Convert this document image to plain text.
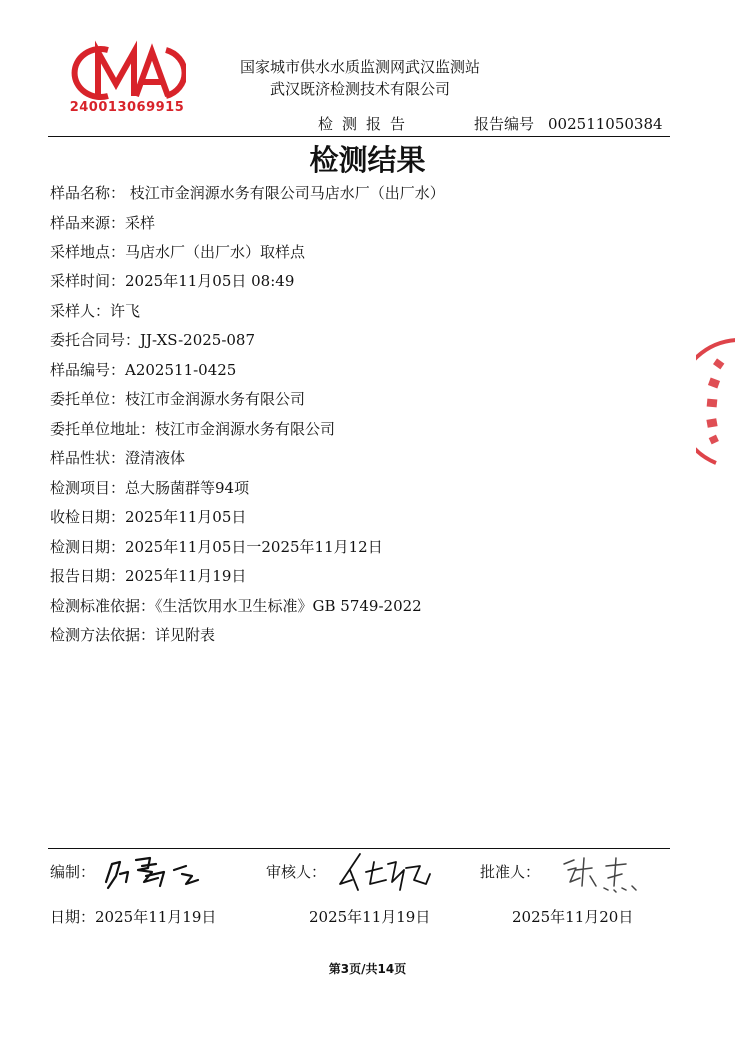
240013069915
国家城市供水水质监测网武汉监测站
武汉既济检测技术有限公司
检测报告	报告编号 002511050384
检测结果
样品名称： 枝江市金润源水务有限公司马店水厂（出厂水）
样品来源：采样
采样地点：马店水厂（出厂水）取样点
采样时间：2025年11月05日 08:49
采样人：许飞
委托合同号：JJ-XS-2025-087
样品编号：A202511-0425
委托单位：枝江市金润源水务有限公司
委托单位地址：枝江市金润源水务有限公司
样品性状：澄清液体
检测项目：总大肠菌群等94项
收检日期：2025年11月05日
检测日期：2025年11月05日一2025年11月12日
报告日期：2025年11月19日
检测标准依据：《生活饮用水卫生标准》GB 5749-2022
检测方法依据：详见附表
编制：	审核人：	批准人：
日期：2025年11月19日	2025年11月19日	2025年11月20日
第3页/共14页
